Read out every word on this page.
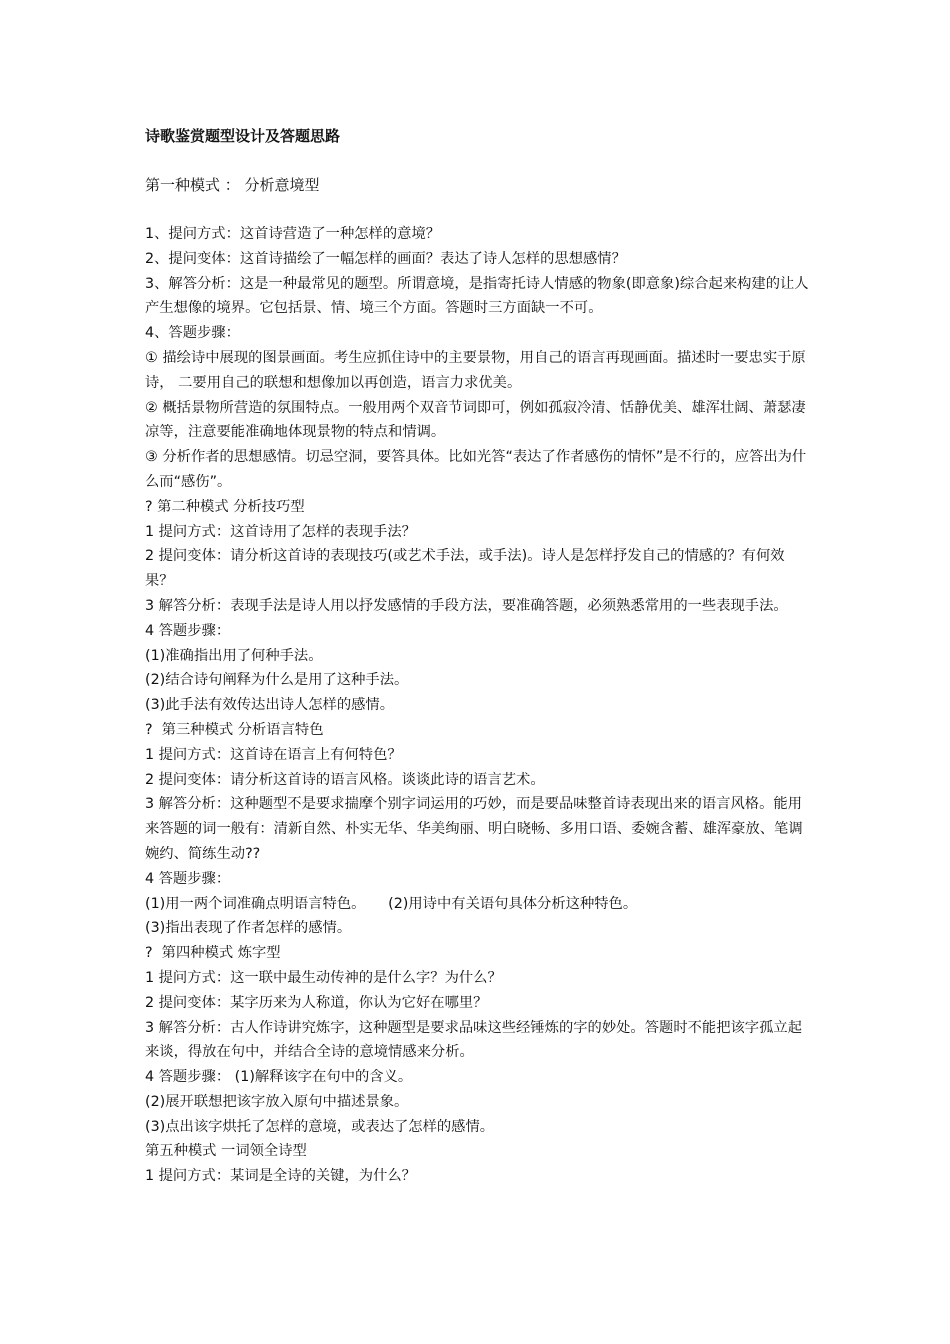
诗歌鉴赏题型设计及答题思路
第一种模式 ： 分析意境型
1、提问方式：这首诗营造了一种怎样的意境？
2、提问变体：这首诗描绘了一幅怎样的画面？表达了诗人怎样的思想感情？
3、解答分析：这是一种最常见的题型。所谓意境，是指寄托诗人情感的物象(即意象)综合起来构建的让人产生想像的境界。它包括景、情、境三个方面。答题时三方面缺一不可。
4、答题步骤：
① 描绘诗中展现的图景画面。考生应抓住诗中的主要景物，用自己的语言再现画面。描述时一要忠实于原诗， 二要用自己的联想和想像加以再创造，语言力求优美。
② 概括景物所营造的氛围特点。一般用两个双音节词即可，例如孤寂冷清、恬静优美、雄浑壮阔、萧瑟凄凉等，注意要能准确地体现景物的特点和情调。
③ 分析作者的思想感情。切忌空洞，要答具体。比如光答“表达了作者感伤的情怀”是不行的，应答出为什么而“感伤”。
? 第二种模式 分析技巧型
1 提问方式：这首诗用了怎样的表现手法？
2 提问变体：请分析这首诗的表现技巧(或艺术手法，或手法)。诗人是怎样抒发自己的情感的？有何效果？
3 解答分析：表现手法是诗人用以抒发感情的手段方法，要准确答题，必须熟悉常用的一些表现手法。
4 答题步骤：
(1)准确指出用了何种手法。
(2)结合诗句阐释为什么是用了这种手法。
(3)此手法有效传达出诗人怎样的感情。
?  第三种模式 分析语言特色
1 提问方式：这首诗在语言上有何特色？
2 提问变体：请分析这首诗的语言风格。谈谈此诗的语言艺术。
3 解答分析：这种题型不是要求揣摩个别字词运用的巧妙，而是要品味整首诗表现出来的语言风格。能用来答题的词一般有：清新自然、朴实无华、华美绚丽、明白晓畅、多用口语、委婉含蓄、雄浑豪放、笔调婉约、简练生动??
4 答题步骤：
(1)用一两个词准确点明语言特色。     (2)用诗中有关语句具体分析这种特色。
(3)指出表现了作者怎样的感情。
?  第四种模式 炼字型
1 提问方式：这一联中最生动传神的是什么字？为什么？
2 提问变体：某字历来为人称道，你认为它好在哪里？
3 解答分析：古人作诗讲究炼字，这种题型是要求品味这些经锤炼的字的妙处。答题时不能把该字孤立起来谈，得放在句中，并结合全诗的意境情感来分析。
4 答题步骤： (1)解释该字在句中的含义。
(2)展开联想把该字放入原句中描述景象。
(3)点出该字烘托了怎样的意境，或表达了怎样的感情。
第五种模式 一词领全诗型
1 提问方式：某词是全诗的关键，为什么？
